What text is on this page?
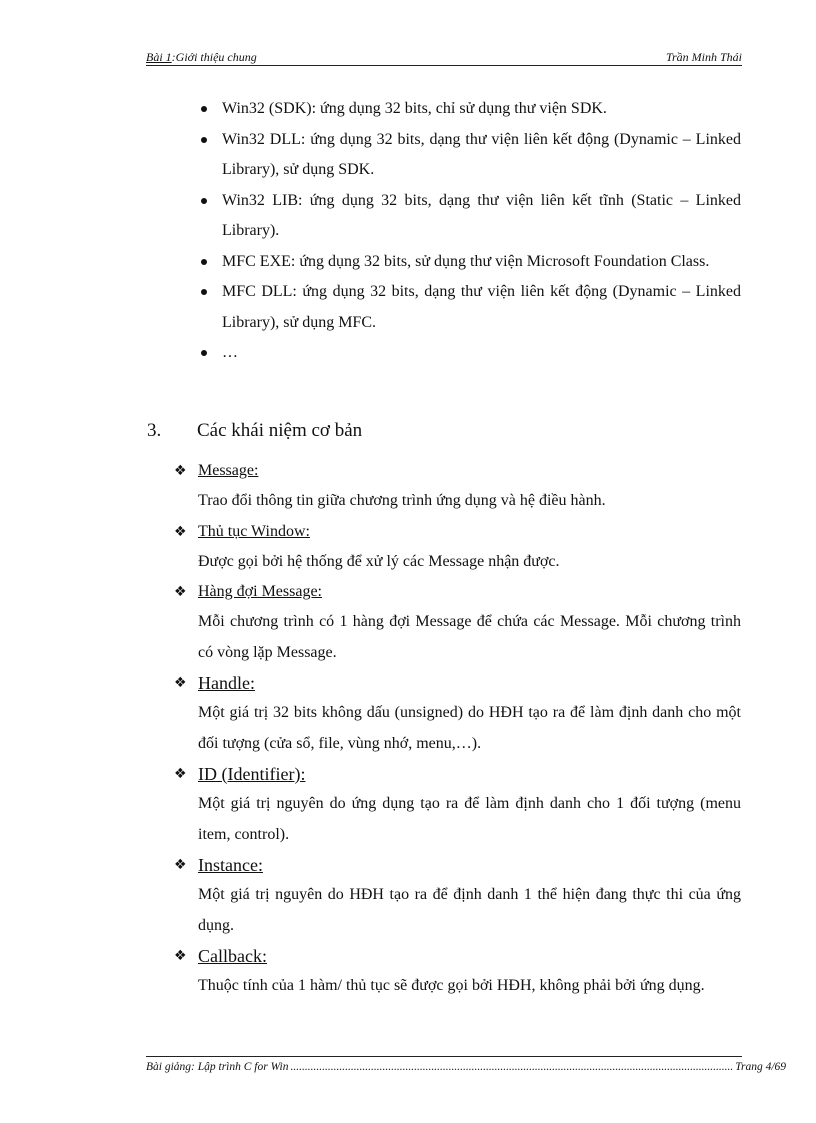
Bài 1:Giới thiệu chung	Trần Minh Thái
Win32 (SDK): ứng dụng 32 bits, chỉ sử dụng thư viện SDK.
Win32 DLL: ứng dụng 32 bits, dạng thư viện liên kết động (Dynamic – Linked Library), sử dụng SDK.
Win32 LIB: ứng dụng 32 bits, dạng thư viện liên kết tĩnh (Static – Linked Library).
MFC EXE: ứng dụng 32 bits, sử dụng thư viện Microsoft Foundation Class.
MFC DLL: ứng dụng 32 bits, dạng thư viện liên kết động (Dynamic – Linked Library), sử dụng MFC.
…
3. Các khái niệm cơ bản
❖ Message:
Trao đổi thông tin giữa chương trình ứng dụng và hệ điều hành.
❖ Thủ tục Window:
Được gọi bởi hệ thống để xử lý các Message nhận được.
❖ Hàng đợi Message:
Mỗi chương trình có 1 hàng đợi Message để chứa các Message. Mỗi chương trình có vòng lặp Message.
❖ Handle:
Một giá trị 32 bits không dấu (unsigned) do HĐH tạo ra để làm định danh cho một đối tượng (cửa sổ, file, vùng nhớ, menu,…).
❖ ID (Identifier):
Một giá trị nguyên do ứng dụng tạo ra để làm định danh cho 1 đối tượng (menu item, control).
❖ Instance:
Một giá trị nguyên do HĐH tạo ra để định danh 1 thể hiện đang thực thi của ứng dụng.
❖ Callback:
Thuộc tính của 1 hàm/ thủ tục sẽ được gọi bởi HĐH, không phải bởi ứng dụng.
Bài giảng: Lập trình C for Win .......................................................................................................................................................... Trang 4/69
